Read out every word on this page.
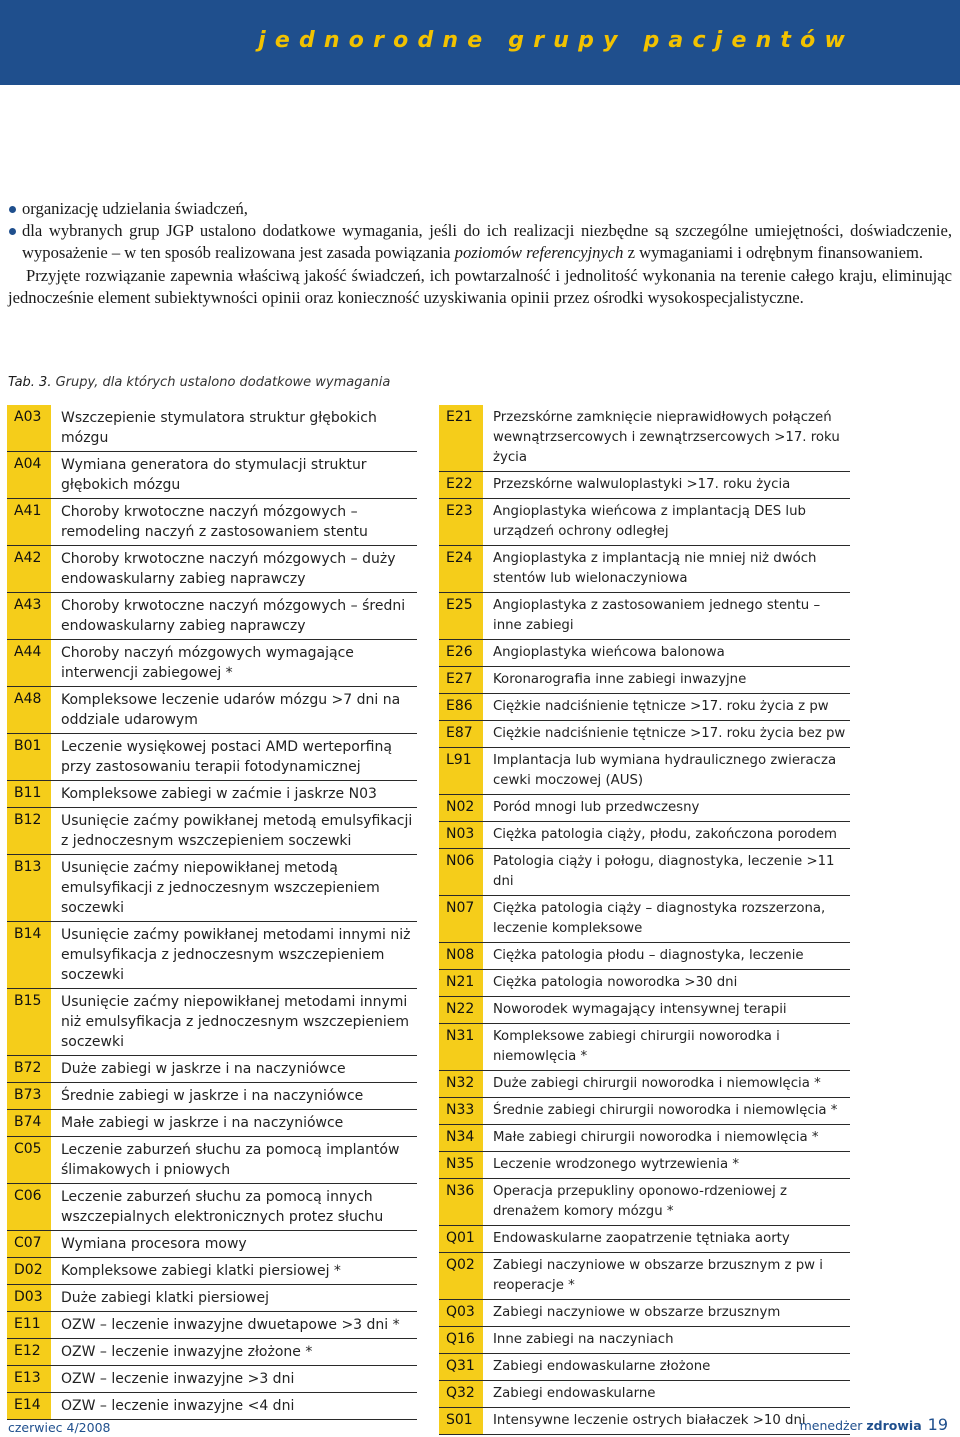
jednorodne grupy pacjentów
organizację udzielania świadczeń,
dla wybranych grup JGP ustalono dodatkowe wymagania, jeśli do ich realizacji niezbędne są szczególne umiejętności, doświadczenie, wyposażenie – w ten sposób realizowana jest zasada powiązania poziomów referencyjnych z wymaganiami i odrębnym finansowaniem.

Przyjęte rozwiązanie zapewnia właściwą jakość świadczeń, ich powtarzalność i jednolitość wykonania na terenie całego kraju, eliminując jednocześnie element subiektywności opinii oraz konieczność uzyskiwania opinii przez ośrodki wysokospecjalistyczne.

Tab. 3. Grupy, dla których ustalono dodatkowe wymagania
A03	Wszczepienie stymulatora struktur głębokich mózgu
A04	Wymiana generatora do stymulacji struktur głębokich mózgu
A41	Choroby krwotoczne naczyń mózgowych – remodeling naczyń z zastosowaniem stentu
A42	Choroby krwotoczne naczyń mózgowych – duży endowaskularny zabieg naprawczy
A43	Choroby krwotoczne naczyń mózgowych – średni endowaskularny zabieg naprawczy
A44	Choroby naczyń mózgowych wymagające interwencji zabiegowej *
A48	Kompleksowe leczenie udarów mózgu >7 dni na oddziale udarowym
B01	Leczenie wysiękowej postaci AMD werteporfiną przy zastosowaniu terapii fotodynamicznej
B11	Kompleksowe zabiegi w zaćmie i jaskrze N03
B12	Usunięcie zaćmy powikłanej metodą emulsyfikacji z jednoczesnym wszczepieniem soczewki
B13	Usunięcie zaćmy niepowikłanej metodą emulsyfikacji z jednoczesnym wszczepieniem soczewki
B14	Usunięcie zaćmy powikłanej metodami innymi niż emulsyfikacja z jednoczesnym wszczepieniem soczewki
B15	Usunięcie zaćmy niepowikłanej metodami innymi niż emulsyfikacja z jednoczesnym wszczepieniem soczewki
B72	Duże zabiegi w jaskrze i na naczyniówce
B73	Średnie zabiegi w jaskrze i na naczyniówce
B74	Małe zabiegi w jaskrze i na naczyniówce
C05	Leczenie zaburzeń słuchu za pomocą implantów ślimakowych i pniowych
C06	Leczenie zaburzeń słuchu za pomocą innych wszczepialnych elektronicznych protez słuchu
C07	Wymiana procesora mowy
D02	Kompleksowe zabiegi klatki piersiowej *
D03	Duże zabiegi klatki piersiowej
E11	OZW – leczenie inwazyjne dwuetapowe >3 dni *
E12	OZW – leczenie inwazyjne złożone *
E13	OZW – leczenie inwazyjne >3 dni
E14	OZW – leczenie inwazyjne <4 dni
E21	Przezskórne zamknięcie nieprawidłowych połączeń wewnątrzsercowych i zewnątrzsercowych >17. roku życia
E22	Przezskórne walwuloplastyki >17. roku życia
E23	Angioplastyka wieńcowa z implantacją DES lub urządzeń ochrony odległej
E24	Angioplastyka z implantacją nie mniej niż dwóch stentów lub wielonaczyniowa
E25	Angioplastyka z zastosowaniem jednego stentu – inne zabiegi
E26	Angioplastyka wieńcowa balonowa
E27	Koronarografia inne zabiegi inwazyjne
E86	Ciężkie nadciśnienie tętnicze >17. roku życia z pw
E87	Ciężkie nadciśnienie tętnicze >17. roku życia bez pw
L91	Implantacja lub wymiana hydraulicznego zwieracza cewki moczowej (AUS)
N02	Poród mnogi lub przedwczesny
N03	Ciężka patologia ciąży, płodu, zakończona porodem
N06	Patologia ciąży i połogu, diagnostyka, leczenie >11 dni
N07	Ciężka patologia ciąży – diagnostyka rozszerzona, leczenie kompleksowe
N08	Ciężka patologia płodu – diagnostyka, leczenie
N21	Ciężka patologia noworodka >30 dni
N22	Noworodek wymagający intensywnej terapii
N31	Kompleksowe zabiegi chirurgii noworodka i niemowlęcia *
N32	Duże zabiegi chirurgii noworodka i niemowlęcia *
N33	Średnie zabiegi chirurgii noworodka i niemowlęcia *
N34	Małe zabiegi chirurgii noworodka i niemowlęcia *
N35	Leczenie wrodzonego wytrzewienia *
N36	Operacja przepukliny oponowo-rdzeniowej z drenażem komory mózgu *
Q01	Endowaskularne zaopatrzenie tętniaka aorty
Q02	Zabiegi naczyniowe w obszarze brzusznym z pw i reoperacje *
Q03	Zabiegi naczyniowe w obszarze brzusznym
Q16	Inne zabiegi na naczyniach
Q31	Zabiegi endowaskularne złożone
Q32	Zabiegi endowaskularne
S01	Intensywne leczenie ostrych białaczek >10 dni
czerwiec 4/2008	menedżer zdrowia 19
